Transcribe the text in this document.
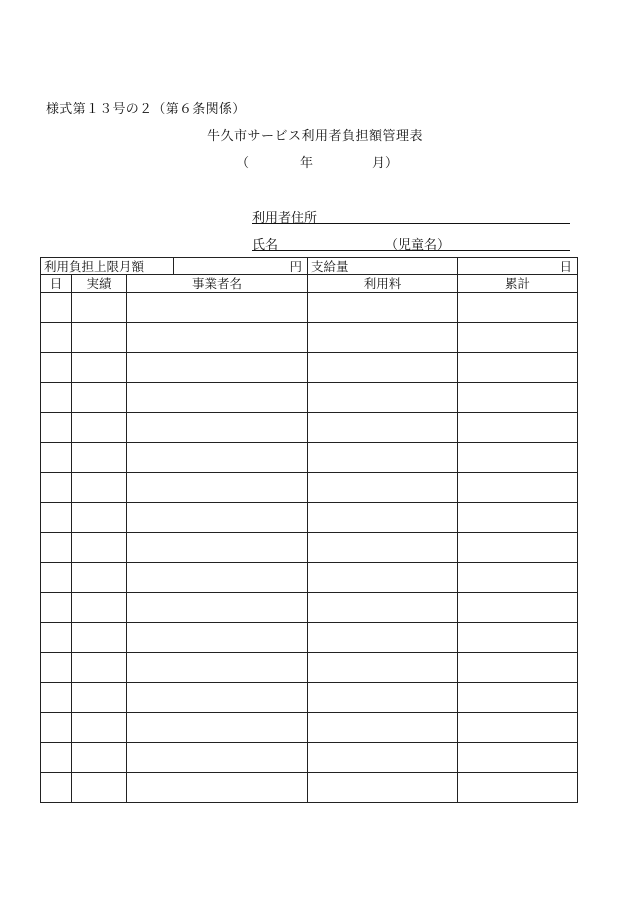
様式第１３号の２（第６条関係）
牛久市サービス利用者負担額管理表
（	年	月）
利用者住所
氏名	（児童名）
利用負担上限月額			円	支給量	日
日	実績	事業者名		利用料	累計
